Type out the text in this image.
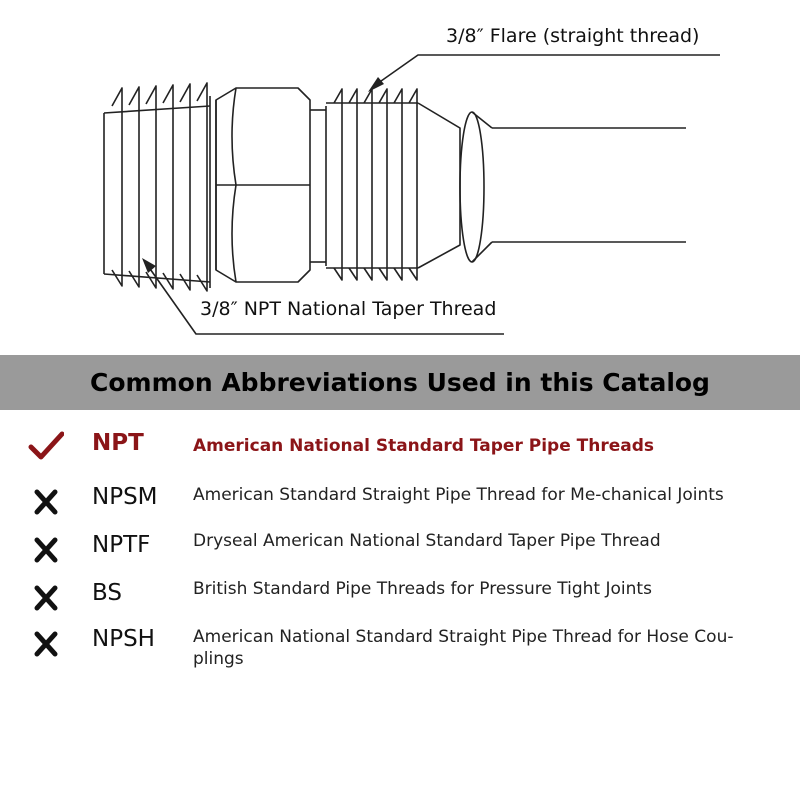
3/8″ Flare (straight thread)
3/8″ NPT National Taper Thread
Common Abbreviations Used in this Catalog
NPT	American National Standard Taper Pipe Threads
NPSM American Standard Straight Pipe Thread for Me-chanical Joints
NPTF	Dryseal American National Standard Taper Pipe Thread
BS	British Standard Pipe Threads for Pressure Tight Joints
NPSH American National Standard Straight Pipe Thread for Hose Cou-plings
